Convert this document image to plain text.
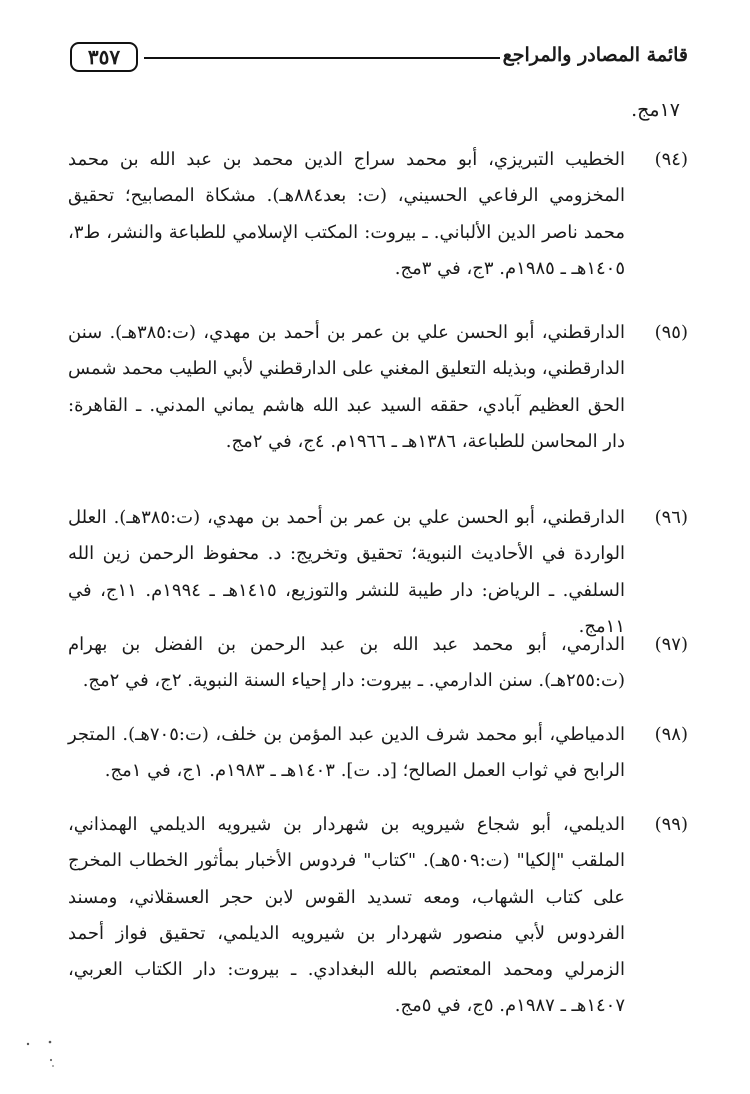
قائمة المصادر والمراجع
٣٥٧
١٧مج.
(٩٤)
الخطيب التبريزي، أبو محمد سراج الدين محمد بن عبد الله بن محمد المخزومي الرفاعي الحسيني، (ت: بعد٨٨٤هـ). مشكاة المصابيح؛ تحقيق محمد ناصر الدين الألباني. ـ بيروت: المكتب الإسلامي للطباعة والنشر، ط٣، ١٤٠٥هـ ـ ١٩٨٥م. ٣ج، في ٣مج.
(٩٥)
الدارقطني، أبو الحسن علي بن عمر بن أحمد بن مهدي، (ت:٣٨٥هـ). سنن الدارقطني، وبذيله التعليق المغني على الدارقطني لأبي الطيب محمد شمس الحق العظيم آبادي، حققه السيد عبد الله هاشم يماني المدني. ـ القاهرة: دار المحاسن للطباعة، ١٣٨٦هـ ـ ١٩٦٦م. ٤ج، في ٢مج.
(٩٦)
الدارقطني، أبو الحسن علي بن عمر بن أحمد بن مهدي، (ت:٣٨٥هـ). العلل الواردة في الأحاديث النبوية؛ تحقيق وتخريج: د. محفوظ الرحمن زين الله السلفي. ـ الرياض: دار طيبة للنشر والتوزيع، ١٤١٥هـ ـ ١٩٩٤م. ١١ج، في ١١مج.
(٩٧)
الدارمي، أبو محمد عبد الله بن عبد الرحمن بن الفضل بن بهرام (ت:٢٥٥هـ). سنن الدارمي. ـ بيروت: دار إحياء السنة النبوية. ٢ج، في ٢مج.
(٩٨)
الدمياطي، أبو محمد شرف الدين عبد المؤمن بن خلف، (ت:٧٠٥هـ). المتجر الرابح في ثواب العمل الصالح؛ [د. ت]. ١٤٠٣هـ ـ ١٩٨٣م. ١ج، في ١مج.
(٩٩)
الديلمي، أبو شجاع شيرويه بن شهردار بن شيرويه الديلمي الهمذاني، الملقب "إلكيا" (ت:٥٠٩هـ). "كتاب" فردوس الأخبار بمأثور الخطاب المخرج على كتاب الشهاب، ومعه تسديد القوس لابن حجر العسقلاني، ومسند الفردوس لأبي منصور شهردار بن شيرويه الديلمي، تحقيق فواز أحمد الزمرلي ومحمد المعتصم بالله البغدادي. ـ بيروت: دار الكتاب العربي، ١٤٠٧هـ ـ ١٩٨٧م. ٥ج، في ٥مج.
